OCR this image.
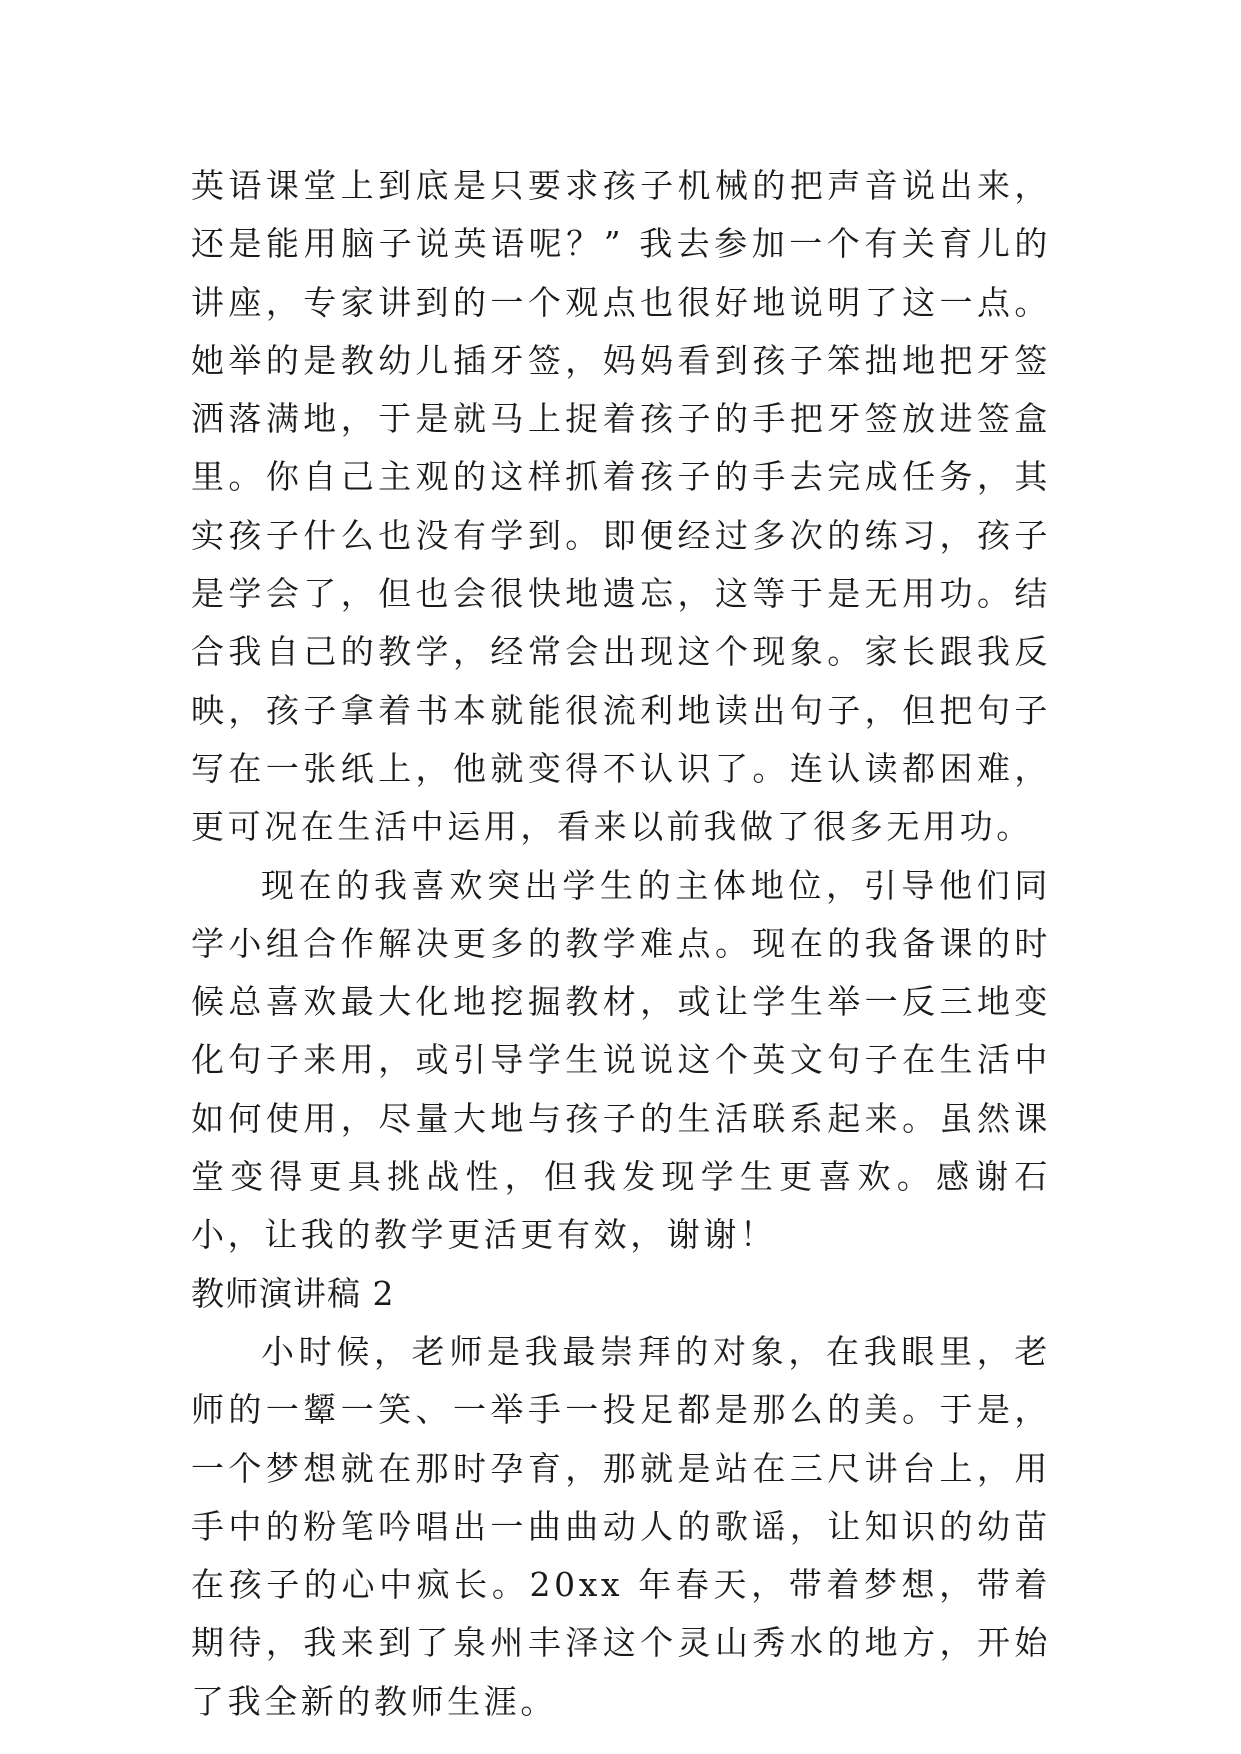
英语课堂上到底是只要求孩子机械的把声音说出来，还是能用脑子说英语呢？” 我去参加一个有关育儿的讲座，专家讲到的一个观点也很好地说明了这一点。她举的是教幼儿插牙签，妈妈看到孩子笨拙地把牙签洒落满地，于是就马上捉着孩子的手把牙签放进签盒里。你自己主观的这样抓着孩子的手去完成任务，其实孩子什么也没有学到。即便经过多次的练习，孩子是学会了，但也会很快地遗忘，这等于是无用功。结合我自己的教学，经常会出现这个现象。家长跟我反映，孩子拿着书本就能很流利地读出句子，但把句子写在一张纸上，他就变得不认识了。连认读都困难，更可况在生活中运用，看来以前我做了很多无用功。

现在的我喜欢突出学生的主体地位，引导他们同学小组合作解决更多的教学难点。现在的我备课的时候总喜欢最大化地挖掘教材，或让学生举一反三地变化句子来用，或引导学生说说这个英文句子在生活中如何使用，尽量大地与孩子的生活联系起来。虽然课堂变得更具挑战性，但我发现学生更喜欢。感谢石小，让我的教学更活更有效，谢谢！

教师演讲稿 2

小时候，老师是我最崇拜的对象，在我眼里，老师的一颦一笑、一举手一投足都是那么的美。于是，一个梦想就在那时孕育，那就是站在三尺讲台上，用手中的粉笔吟唱出一曲曲动人的歌谣，让知识的幼苗在孩子的心中疯长。20xx 年春天，带着梦想，带着期待，我来到了泉州丰泽这个灵山秀水的地方，开始了我全新的教师生涯。
